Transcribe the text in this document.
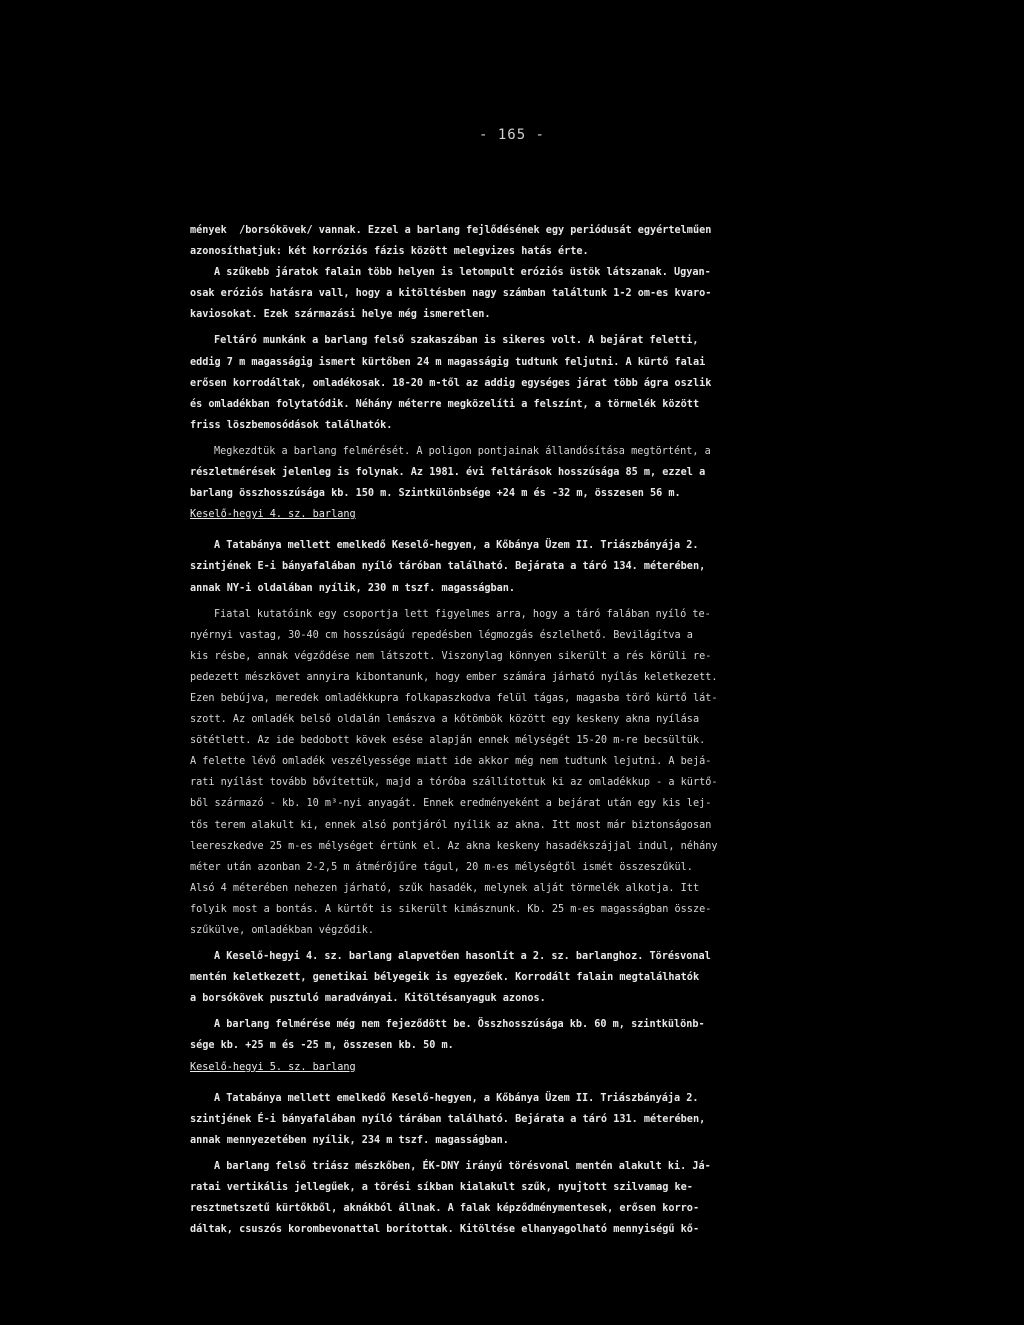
- 165 -
mények  /borsókövek/ vannak. Ezzel a barlang fejlődésének egy periódusát egyértelműen
azonosíthatjuk: két korróziós fázis között melegvizes hatás érte.
A szűkebb járatok falain több helyen is letompult eróziós üstök látszanak. Ugyan-
osak eróziós hatásra vall, hogy a kitöltésben nagy számban találtunk 1-2 om-es kvaro-
kaviosokat. Ezek származási helye még ismeretlen.
Feltáró munkánk a barlang felső szakaszában is sikeres volt. A bejárat feletti,
eddig 7 m magasságig ismert kürtőben 24 m magasságig tudtunk feljutni. A kürtő falai
erősen korrodáltak, omladékosak. 18-20 m-től az addig egységes járat több ágra oszlik
és omladékban folytatódik. Néhány méterre megközelíti a felszínt, a törmelék között
friss löszbemosódások találhatók.
Megkezdtük a barlang felmérését. A poligon pontjainak állandósítása megtörtént, a
részletmérések jelenleg is folynak. Az 1981. évi feltárások hosszúsága 85 m, ezzel a
barlang összhosszúsága kb. 150 m. Szintkülönbsége +24 m és -32 m, összesen 56 m.
Keselő-hegyi 4. sz. barlang
A Tatabánya mellett emelkedő Keselő-hegyen, a Kőbánya Üzem II. Triászbányája 2.
szintjének E-i bányafalában nyíló táróban található. Bejárata a táró 134. méterében,
annak NY-i oldalában nyílik, 230 m tszf. magasságban.
Fiatal kutatóink egy csoportja lett figyelmes arra, hogy a táró falában nyíló te-
nyérnyi vastag, 30-40 cm hosszúságú repedésben légmozgás észlelhető. Bevilágítva a
kis résbe, annak végződése nem látszott. Viszonylag könnyen sikerült a rés körüli re-
pedezett mészkövet annyira kibontanunk, hogy ember számára járható nyílás keletkezett.
Ezen bebújva, meredek omladékkupra folkapaszkodva felül tágas, magasba törő kürtő lát-
szott. Az omladék belső oldalán lemászva a kőtömbök között egy keskeny akna nyílása
sötétlett. Az ide bedobott kövek esése alapján ennek mélységét 15-20 m-re becsültük.
A felette lévő omladék veszélyessége miatt ide akkor még nem tudtunk lejutni. A bejá-
rati nyílást tovább bővítettük, majd a tóróba szállítottuk ki az omladékkup - a kürtő-
ből származó - kb. 10 m³-nyi anyagát. Ennek eredményeként a bejárat után egy kis lej-
tős terem alakult ki, ennek alsó pontjáról nyílik az akna. Itt most már biztonságosan
leereszkedve 25 m-es mélységet értünk el. Az akna keskeny hasadékszájjal indul, néhány
méter után azonban 2-2,5 m átmérőjűre tágul, 20 m-es mélységtől ismét összeszűkül.
Alsó 4 méterében nehezen járható, szűk hasadék, melynek alját törmelék alkotja. Itt
folyik most a bontás. A kürtőt is sikerült kimásznunk. Kb. 25 m-es magasságban össze-
szűkülve, omladékban végződik.
A Keselő-hegyi 4. sz. barlang alapvetően hasonlít a 2. sz. barlanghoz. Törésvonal
mentén keletkezett, genetikai bélyegeik is egyezőek. Korrodált falain megtalálhatók
a borsókövek pusztuló maradványai. Kitöltésanyaguk azonos.
A barlang felmérése még nem fejeződött be. Összhosszúsága kb. 60 m, szintkülönb-
sége kb. +25 m és -25 m, összesen kb. 50 m.
Keselő-hegyi 5. sz. barlang
A Tatabánya mellett emelkedő Keselő-hegyen, a Kőbánya Üzem II. Triászbányája 2.
szintjének É-i bányafalában nyíló tárában található. Bejárata a táró 131. méterében,
annak mennyezetében nyílik, 234 m tszf. magasságban.
A barlang felső triász mészkőben, ÉK-DNY irányú törésvonal mentén alakult ki. Já-
ratai vertikális jellegűek, a törési síkban kialakult szűk, nyujtott szilvamag ke-
resztmetszetű kürtőkből, aknákból állnak. A falak képződménymentesek, erősen korro-
dáltak, csuszós korombevonattal borítottak. Kitöltése elhanyagolható mennyiségű kő-
